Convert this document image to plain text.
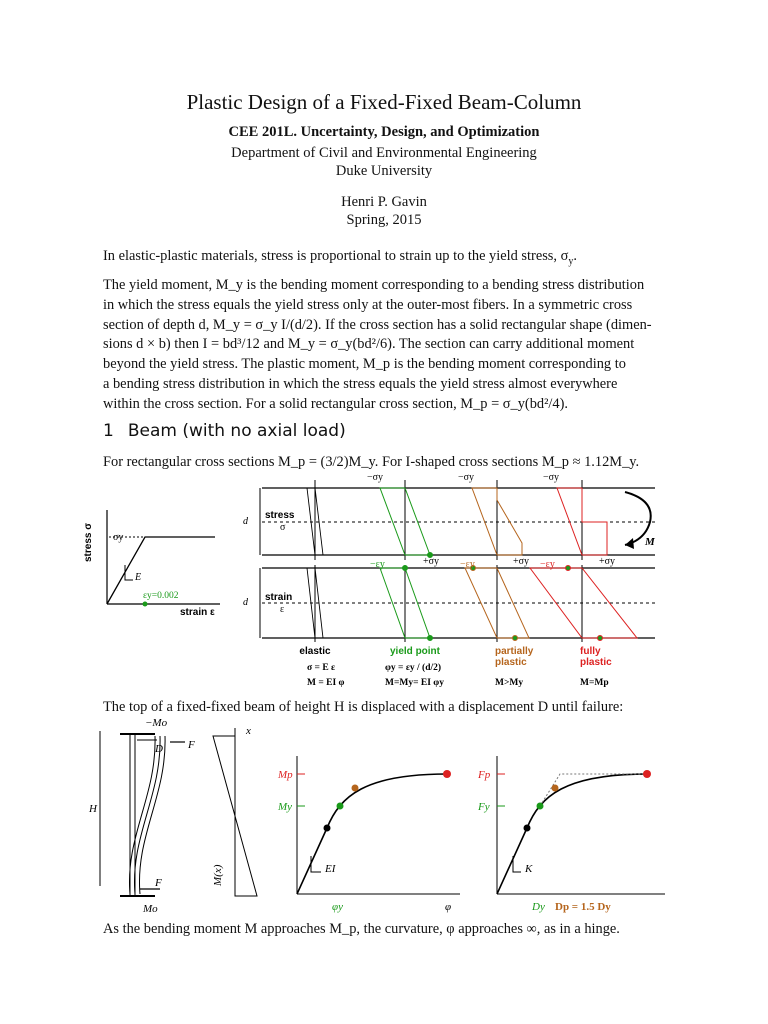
Plastic Design of a Fixed-Fixed Beam-Column
CEE 201L. Uncertainty, Design, and Optimization
Department of Civil and Environmental Engineering
Duke University
Henri P. Gavin
Spring, 2015
In elastic-plastic materials, stress is proportional to strain up to the yield stress, $\sigma_y$.
The yield moment, M_y is the bending moment corresponding to a bending stress distribution
in which the stress equals the yield stress only at the outer-most fibers. In a symmetric cross
section of depth d, M_y = σ_y I/(d/2). If the cross section has a solid rectangular shape (dimen-
sions d × b) then I = bd³/12 and M_y = σ_y(bd²/6). The section can carry additional moment
beyond the yield stress. The plastic moment, M_p is the bending moment corresponding to
a bending stress distribution in which the stress equals the yield stress almost everywhere
within the cross section. For a solid rectangular cross section, M_p = σ_y(bd²/4).
1 Beam (with no axial load)
For rectangular cross sections M_p = (3/2)M_y. For I-shaped cross sections M_p ≈ 1.12M_y.
stress σ σy
E
εy=0.002
strain ε
d
d
stress
σ
strain
ε
−σy	−σy	−σy
+σy	+σy	+σy
−εy	−εy	−εy
M
elastic	yield point	partially
plastic
fully
plastic
σ = E ε	φy = εy / (d/2)
M = EI φ	M=My= EI φy	M>My	M=Mp
The top of a fixed-fixed beam of height H is displaced with a displacement D until failure:
H
−Mo
D F
F
Mo
x
M(x)	EI
Mp
My
φy	φ
K
Fp
Fy
Dy Dp = 1.5 Dy
As the bending moment M approaches M_p, the curvature, φ approaches ∞, as in a hinge.
